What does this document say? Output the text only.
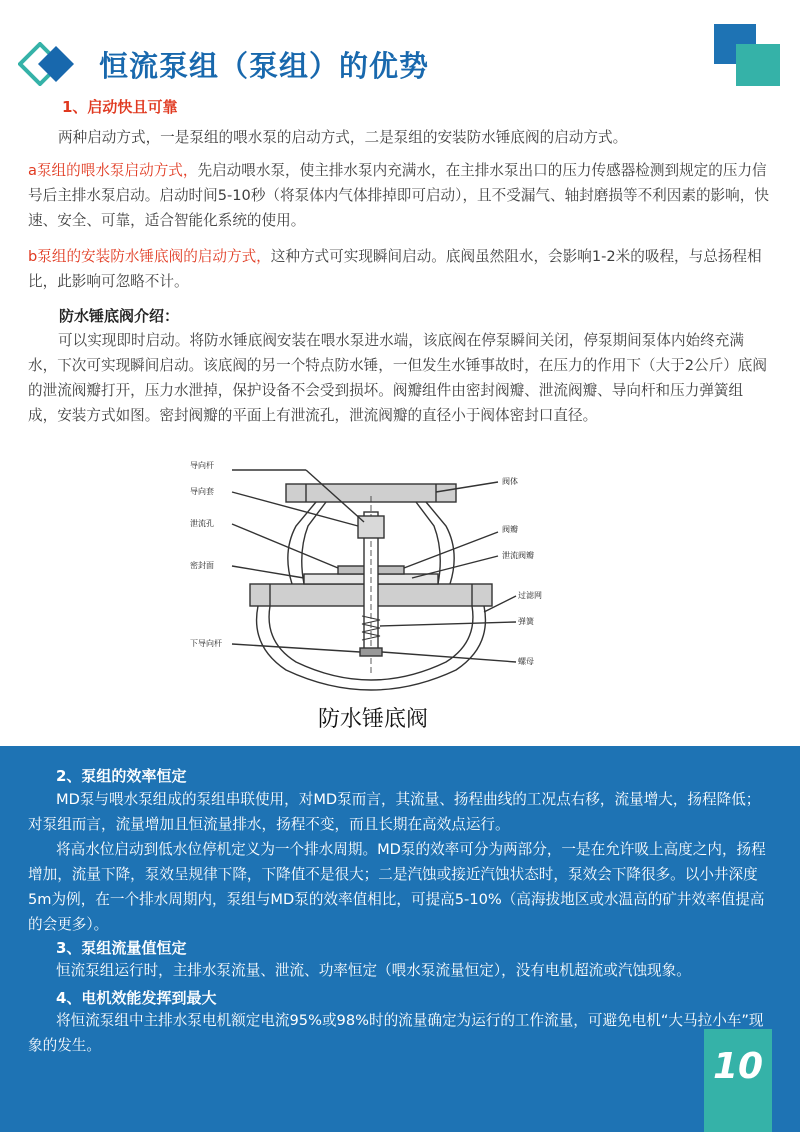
恒流泵组（泵组）的优势
1、启动快且可靠
两种启动方式，一是泵组的喂水泵的启动方式，二是泵组的安装防水锤底阀的启动方式。
a泵组的喂水泵启动方式，先启动喂水泵，使主排水泵内充满水，在主排水泵出口的压力传感器检测到规定的压力信号后主排水泵启动。启动时间5-10秒（将泵体内气体排掉即可启动），且不受漏气、轴封磨损等不利因素的影响，快速、安全、可靠，适合智能化系统的使用。
b泵组的安装防水锤底阀的启动方式，这种方式可实现瞬间启动。底阀虽然阻水，会影响1-2米的吸程，与总扬程相比，此影响可忽略不计。
防水锤底阀介绍：
可以实现即时启动。将防水锤底阀安装在喂水泵进水端，该底阀在停泵瞬间关闭，停泵期间泵体内始终充满水，下次可实现瞬间启动。该底阀的另一个特点防水锤，一但发生水锤事故时，在压力的作用下（大于2公斤）底阀的泄流阀瓣打开，压力水泄掉，保护设备不会受到损坏。阀瓣组件由密封阀瓣、泄流阀瓣、导向杆和压力弹簧组成，安装方式如图。密封阀瓣的平面上有泄流孔，泄流阀瓣的直径小于阀体密封口直径。
导向杆
导向套
泄流孔
密封面
下导向杆
阀体
阀瓣
泄流阀瓣
过滤网
弹簧
螺母
防水锤底阀
2、泵组的效率恒定
MD泵与喂水泵组成的泵组串联使用，对MD泵而言，其流量、扬程曲线的工况点右移，流量增大，扬程降低；对泵组而言，流量增加且恒流量排水，扬程不变，而且长期在高效点运行。
将高水位启动到低水位停机定义为一个排水周期。MD泵的效率可分为两部分，一是在允许吸上高度之内，扬程增加，流量下降，泵效呈规律下降，下降值不是很大；二是汽蚀或接近汽蚀状态时，泵效会下降很多。以小井深度5m为例，在一个排水周期内，泵组与MD泵的效率值相比，可提高5-10%（高海拔地区或水温高的矿井效率值提高的会更多）。
3、泵组流量值恒定
恒流泵组运行时，主排水泵流量、泄流、功率恒定（喂水泵流量恒定），没有电机超流或汽蚀现象。
4、电机效能发挥到最大
将恒流泵组中主排水泵电机额定电流95%或98%时的流量确定为运行的工作流量，可避免电机“大马拉小车”现象的发生。
10
